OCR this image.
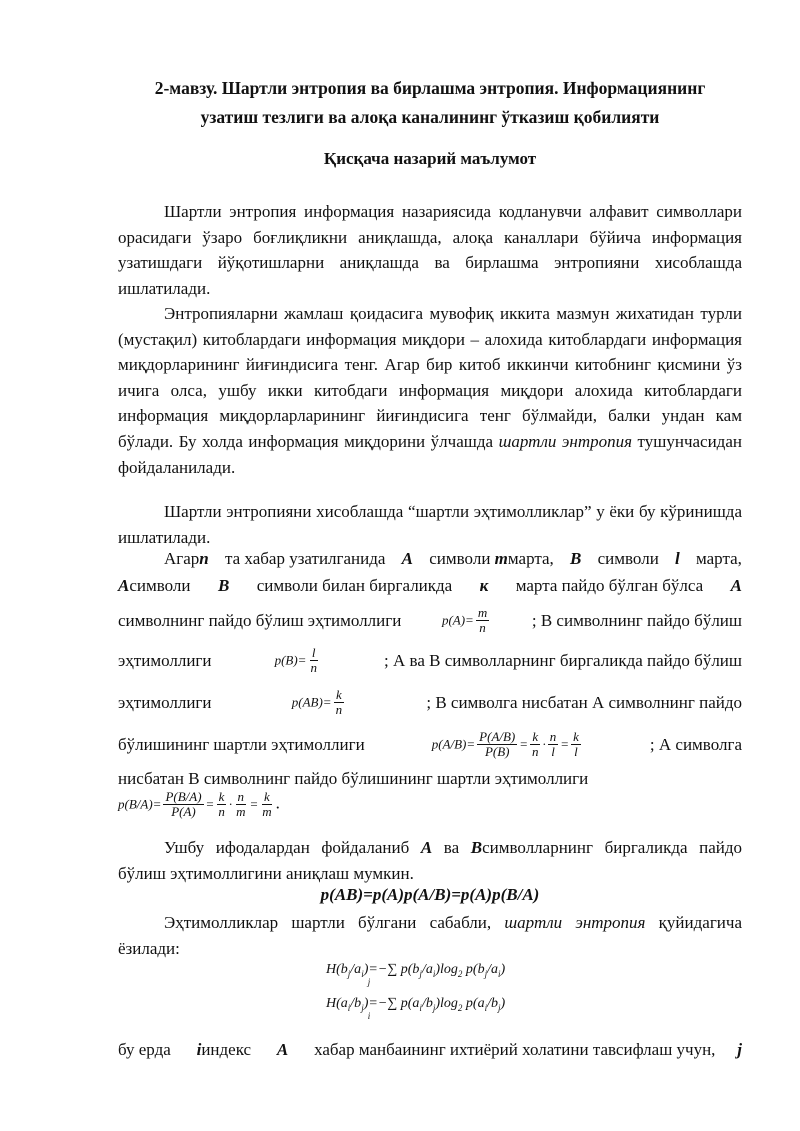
2-мавзу. Шартли энтропия ва бирлашма энтропия. Информациянинг
узатиш тезлиги ва алоқа каналининг ўтказиш қобилияти
Қисқача назарий маълумот

Шартли энтропия информация назариясида кодланувчи алфавит символлари орасидаги ўзаро боғлиқликни аниқлашда, алоқа каналлари бўйича информация узатишдаги йўқотишларни аниқлашда ва бирлашма энтропияни хисоблашда ишлатилади.

Энтропияларни жамлаш қоидасига мувофиқ иккита мазмун жихатидан турли (мустақил) китоблардаги информация миқдори – алохида китоблардаги информация миқдорларининг йиғиндисига тенг. Агар бир китоб иккинчи китобнинг қисмини ўз ичига олса, ушбу икки китобдаги информация миқдори алохида китоблардаги информация миқдорларларининг йиғиндисига тенг бўлмайди, балки ундан кам бўлади. Бу холда информация миқдорини ўлчашда шартли энтропия тушунчасидан фойдаланилади.

Шартли энтропияни хисоблашда “шартли эҳтимолликлар” у ёки бу кўринишда ишлатилади.

Агарn та хабар узатилганида A символи mмарта, B символи l марта,
Aсимволи B символи билан биргаликда к марта пайдо бўлган бўлса A
символнинг пайдо бўлиш эҳтимоллиги	$p(A)= \frac{m}{n}$	; В символнинг пайдо бўлиш
эҳтимоллиги	$p(B)= \frac{l}{n}$	; А ва В символларнинг биргаликда пайдо бўлиш
эҳтимоллиги	$p(AB)= \frac{k}{n}$	; В символга нисбатан А символнинг пайдо
бўлишининг шартли эҳтимоллиги	$p(A/B)= \frac{P(A/B)}{P(B)} = \frac{k}{n} \cdot \frac{n}{l} = \frac{k}{l}$	; А символга
нисбатан В символнинг пайдо бўлишининг шартли эҳтимоллиги
$p(B/A)= \frac{P(B/A)}{P(A)} = \frac{k}{n} \cdot \frac{n}{m} = \frac{k}{m}$ .

Ушбу ифодалардан фойдаланиб A ва Bсимволларнинг биргаликда пайдо бўлиш эҳтимоллигини аниқлаш мумкин.

p(AB)=p(A)p(A/B)=p(A)p(B/A)

Эҳтимолликлар шартли бўлгани сабабли, шартли энтропия қуйидагича ёзилади:

$H(b_j/a_i)=-\sum$
j
$p(b_j/a_i)\log_2$ $p(b_j/a_i)$
$H(a_i/b_j)=-\sum$
i
$p(a_i/b_j)\log_2$ $p(a_i/b_j)$
бу ерда iиндекс A хабар манбаининг ихтиёрий холатини тавсифлаш учун, j
